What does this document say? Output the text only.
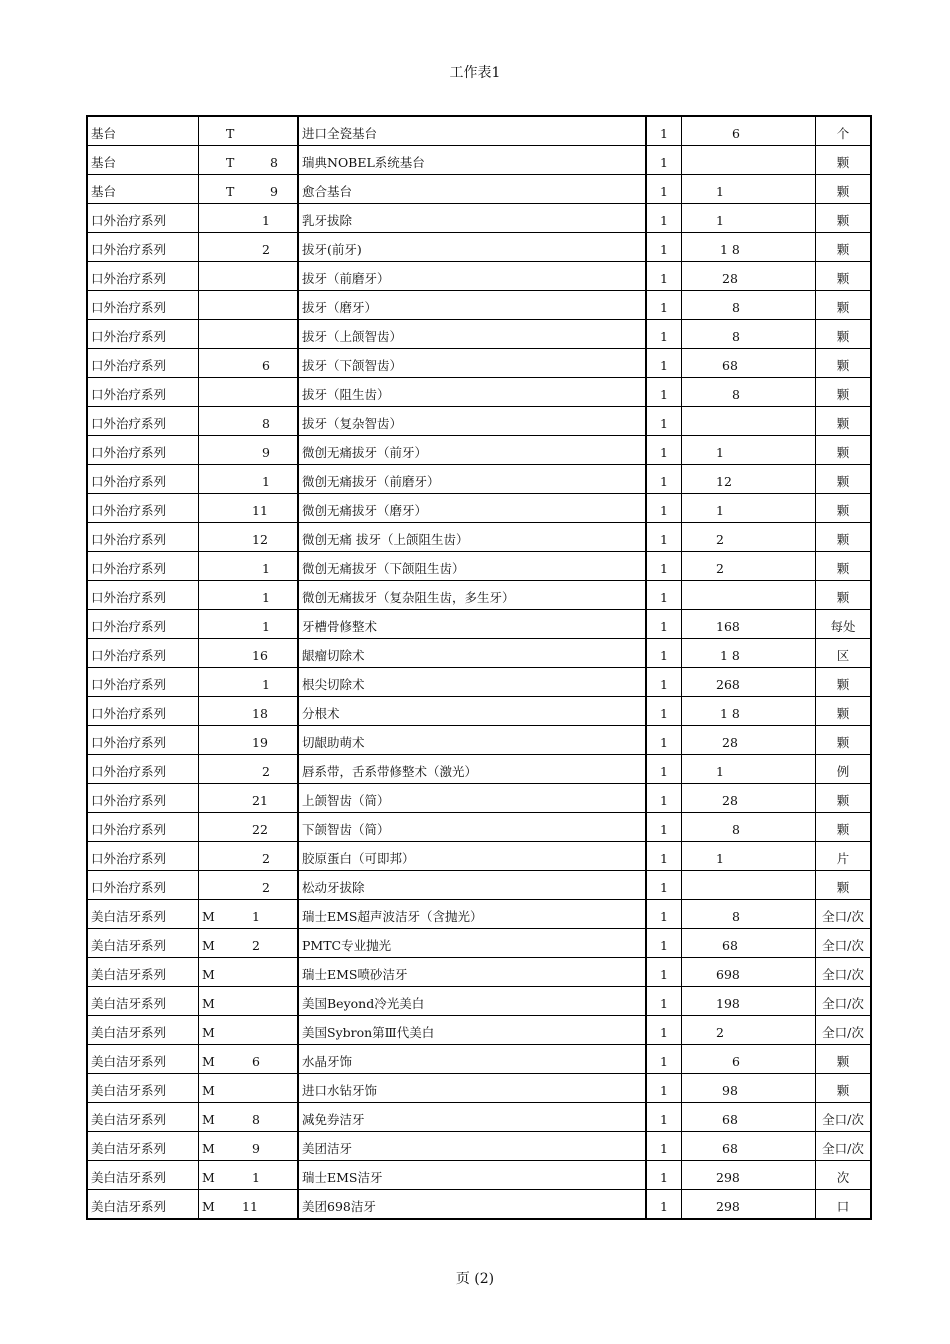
工作表1
基台	T	进口全瓷基台	1	6	个
基台	T 8	瑞典NOBEL系统基台	1		颗
基台	T 9	愈合基台	1	1	颗
口外治疗系列	1	乳牙拔除	1	1	颗
口外治疗系列	2	拔牙(前牙)	1	1 8	颗
口外治疗系列		拔牙（前磨牙）	1	28	颗
口外治疗系列		拔牙（磨牙）	1	8	颗
口外治疗系列		拔牙（上颌智齿）	1	8	颗
口外治疗系列	6	拔牙（下颌智齿）	1	68	颗
口外治疗系列		拔牙（阻生齿）	1	8	颗
口外治疗系列	8	拔牙（复杂智齿）	1		颗
口外治疗系列	9	微创无痛拔牙（前牙）	1	1	颗
口外治疗系列	1	微创无痛拔牙（前磨牙）	1	12	颗
口外治疗系列	11	微创无痛拔牙（磨牙）	1	1	颗
口外治疗系列	12	微创无痛 拔牙（上颌阻生齿）	1	2	颗
口外治疗系列	1	微创无痛拔牙（下颌阻生齿）	1	2	颗
口外治疗系列	1	微创无痛拔牙（复杂阻生齿，多生牙）	1		颗
口外治疗系列	1	牙槽骨修整术	1	168	每处
口外治疗系列	16	龈瘤切除术	1	1 8	区
口外治疗系列	1	根尖切除术	1	268	颗
口外治疗系列	18	分根术	1	1 8	颗
口外治疗系列	19	切龈助萌术	1	28	颗
口外治疗系列	2	唇系带，舌系带修整术（激光）	1	1	例
口外治疗系列	21	上颌智齿（简）	1	28	颗
口外治疗系列	22	下颌智齿（简）	1	8	颗
口外治疗系列	2	胶原蛋白（可即邦）	1	1	片
口外治疗系列	2	松动牙拔除	1		颗
美白洁牙系列	M 1	瑞士EMS超声波洁牙（含抛光）	1	8	全口/次
美白洁牙系列	M 2	PMTC专业抛光	1	68	全口/次
美白洁牙系列	M	瑞士EMS喷砂洁牙	1	698	全口/次
美白洁牙系列	M	美国Beyond冷光美白	1	198	全口/次
美白洁牙系列	M	美国Sybron第Ⅲ代美白	1	2	全口/次
美白洁牙系列	M 6	水晶牙饰	1	6	颗
美白洁牙系列	M	进口水钻牙饰	1	98	颗
美白洁牙系列	M 8	减免券洁牙	1	68	全口/次
美白洁牙系列	M 9	美团洁牙	1	68	全口/次
美白洁牙系列	M 1	瑞士EMS洁牙	1	298	次
美白洁牙系列	M 11	美团698洁牙	1	298	口
页 (2)
